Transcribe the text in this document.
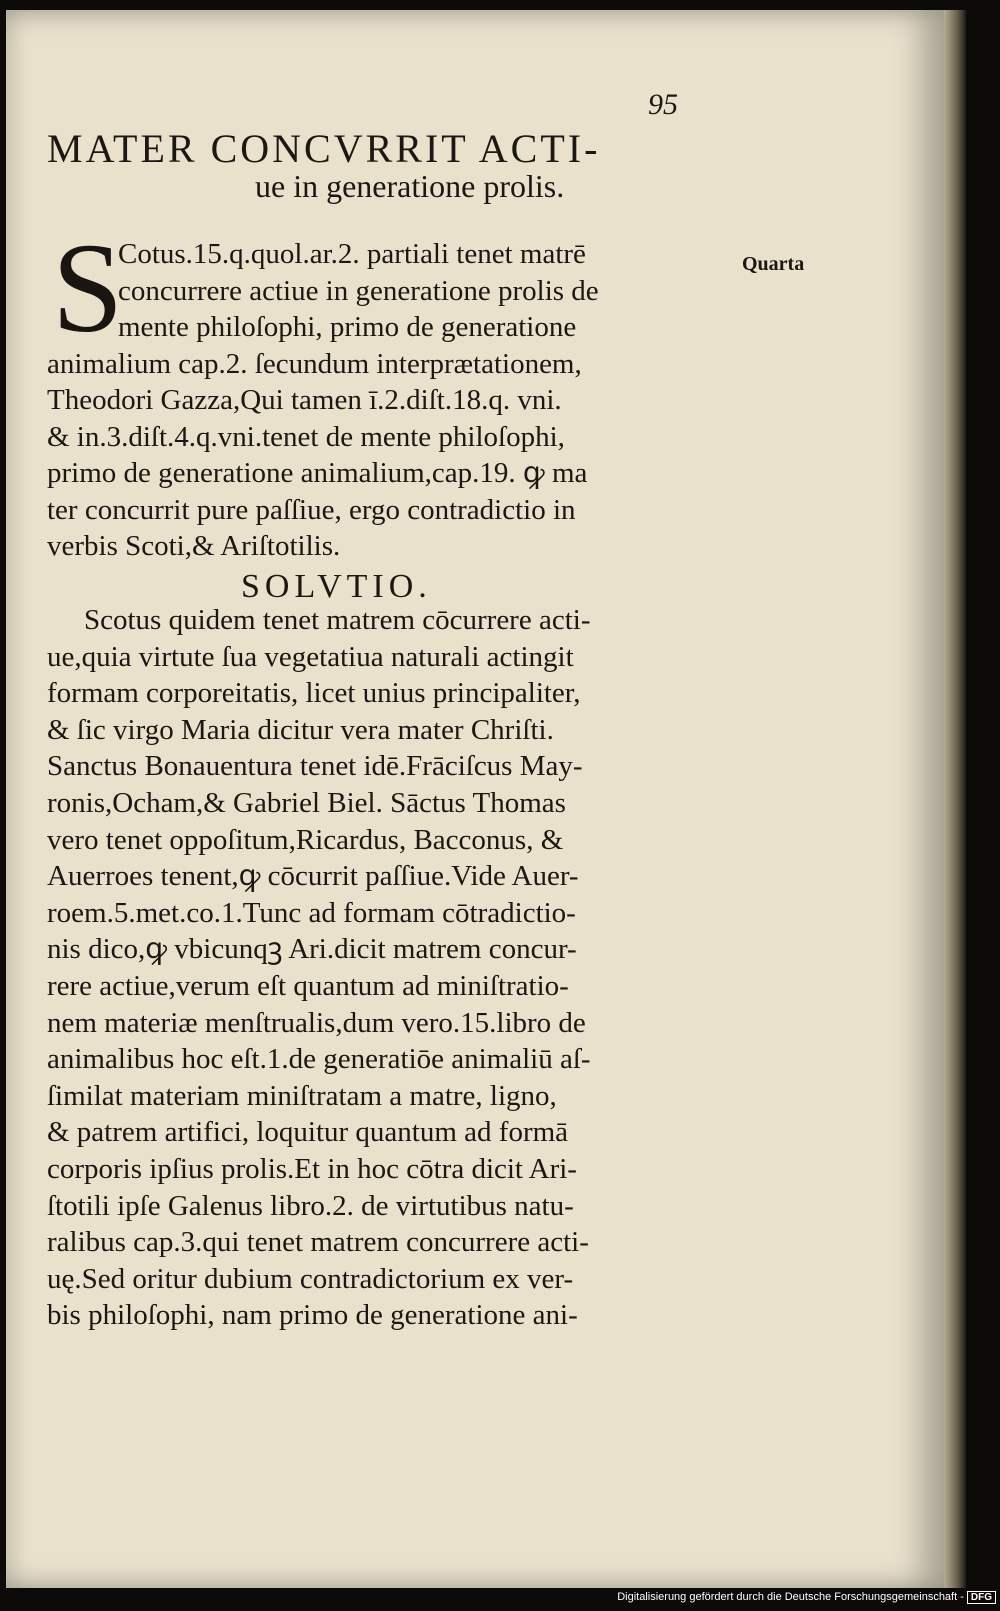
95
MATER CONCVRRIT ACTI-
ue in generatione prolis.
S	Quarta
Cotus.15.q.quol.ar.2. partiali tenet matrē
concurrere actiue in generatione prolis de
mente philoſophi, primo de generatione
animalium cap.2. ſecundum interprætationem,
Theodori Gazza,Qui tamen ī.2.diſt.18.q. vni.
& in.3.diſt.4.q.vni.tenet de mente philoſophi,
primo de generatione animalium,cap.19. ꝙ ma
ter concurrit pure paſſiue, ergo contradictio in
verbis Scoti,& Ariſtotilis.
SOLVTIO.
Scotus quidem tenet matrem cōcurrere acti-
ue,quia virtute ſua vegetatiua naturali actingit
formam corporeitatis, licet unius principaliter,
& ſic virgo Maria dicitur vera mater Chriſti.
Sanctus Bonauentura tenet idē.Frāciſcus May-
ronis,Ocham,& Gabriel Biel. Sāctus Thomas
vero tenet oppoſitum,Ricardus, Bacconus, &
Auerroes tenent,ꝙ cōcurrit paſſiue.Vide Auer-
roem.5.met.co.1.Tunc ad formam cōtradictio-
nis dico,ꝙ vbicunqꝫ Ari.dicit matrem concur-
rere actiue,verum eſt quantum ad miniſtratio-
nem materiæ menſtrualis,dum vero.15.libro de
animalibus hoc eſt.1.de generatiōe animaliū aſ-
ſimilat materiam miniſtratam a matre, ligno,
& patrem artifici, loquitur quantum ad formā
corporis ipſius prolis.Et in hoc cōtra dicit Ari-
ſtotili ipſe Galenus libro.2. de virtutibus natu-
ralibus cap.3.qui tenet matrem concurrere acti-
uę.Sed oritur dubium contradictorium ex ver-
bis philoſophi, nam primo de generatione ani-
Digitalisierung gefördert durch die Deutsche Forschungsgemeinschaft - DFG
